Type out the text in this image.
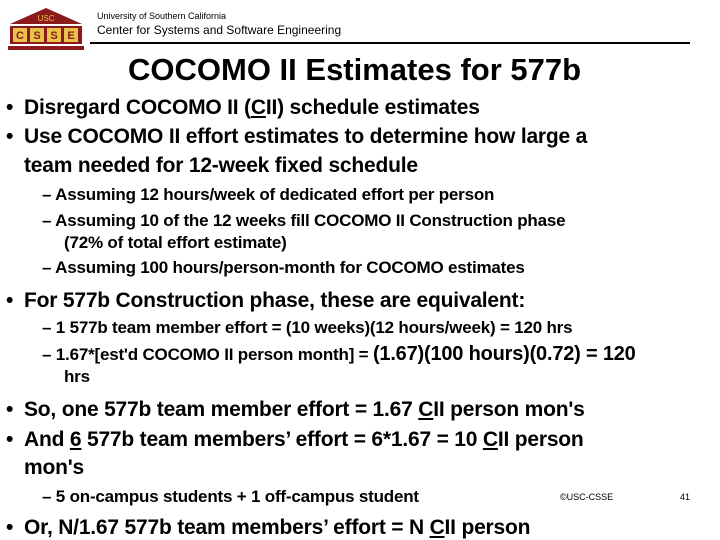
USC
C S S E
University of Southern California
Center for Systems and Software Engineering
COCOMO II Estimates for 577b
• Disregard COCOMO II (CII) schedule estimates
• Use COCOMO II effort estimates to determine how large a
team needed for 12-week fixed schedule
– Assuming 12 hours/week of dedicated effort per person
– Assuming 10 of the 12 weeks fill COCOMO II Construction phase
(72% of total effort estimate)
– Assuming 100 hours/person-month for COCOMO estimates
• For 577b Construction phase, these are equivalent:
– 1 577b team member effort = (10 weeks)(12 hours/week) = 120 hrs
– 1.67*[est'd COCOMO II person month] = (1.67)(100 hours)(0.72) = 120
hrs
• So, one 577b team member effort = 1.67 CII person mon's
• And 6 577b team members’ effort = 6*1.67 = 10 CII person
mon's
– 5 on-campus students + 1 off-campus student
• Or, N/1.67 577b team members’ effort = N CII person
©USC-CSSE	41
